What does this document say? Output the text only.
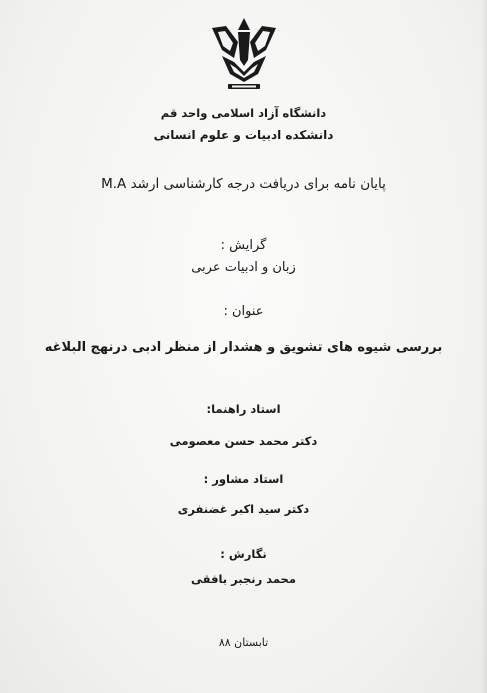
دانشگاه آزاد اسلامی واحد قم
دانشکده ادبیات و علوم انسانی
پایان نامه برای دریافت درجه کارشناسی ارشد M.A
گرایش :
زبان و ادبیات عربی
عنوان :
بررسی شیوه های تشویق و هشدار از منظر ادبی درنهج البلاغه
استاد راهنما:
دکتر محمد حسن معصومی
استاد مشاور :
دکتر سید اکبر غضنفری
نگارش :
محمد رنجبر بافقی
تابستان ۸۸
